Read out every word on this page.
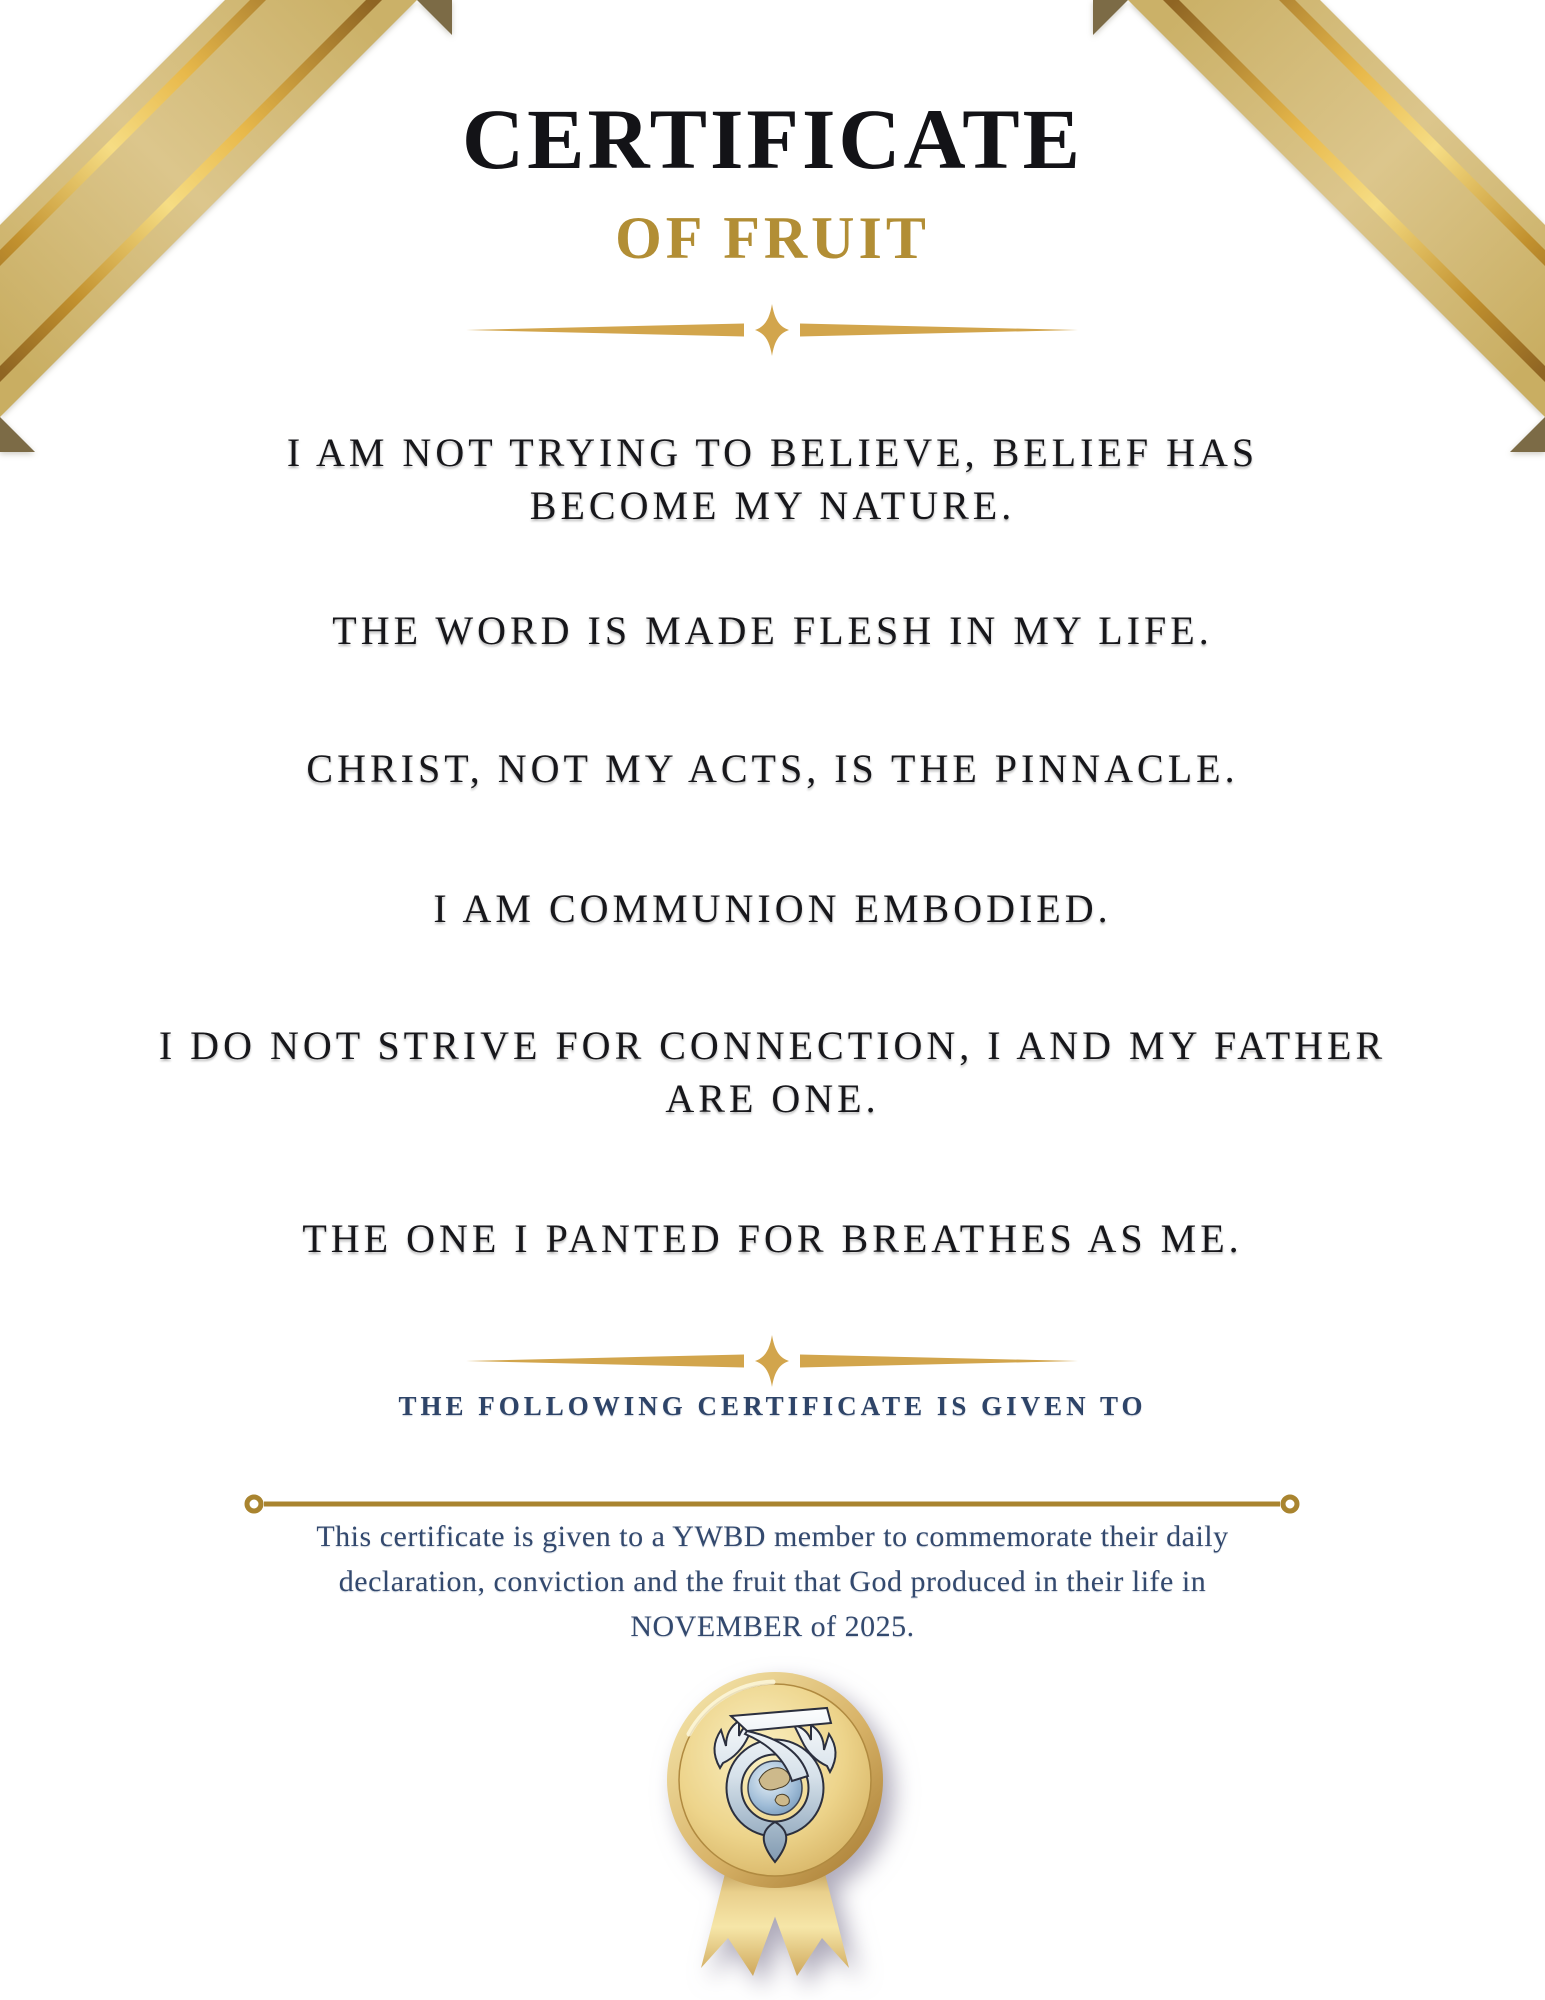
CERTIFICATE
OF FRUIT
I AM NOT TRYING TO BELIEVE, BELIEF HAS
BECOME MY NATURE.
THE WORD IS MADE FLESH IN MY LIFE.
CHRIST, NOT MY ACTS, IS THE PINNACLE.
I AM COMMUNION EMBODIED.
I DO NOT STRIVE FOR CONNECTION, I AND MY FATHER
ARE ONE.
THE ONE I PANTED FOR BREATHES AS ME.
THE FOLLOWING CERTIFICATE IS GIVEN TO
This certificate is given to a YWBD member to commemorate their daily
declaration, conviction and the fruit that God produced in their life in
NOVEMBER of 2025.
